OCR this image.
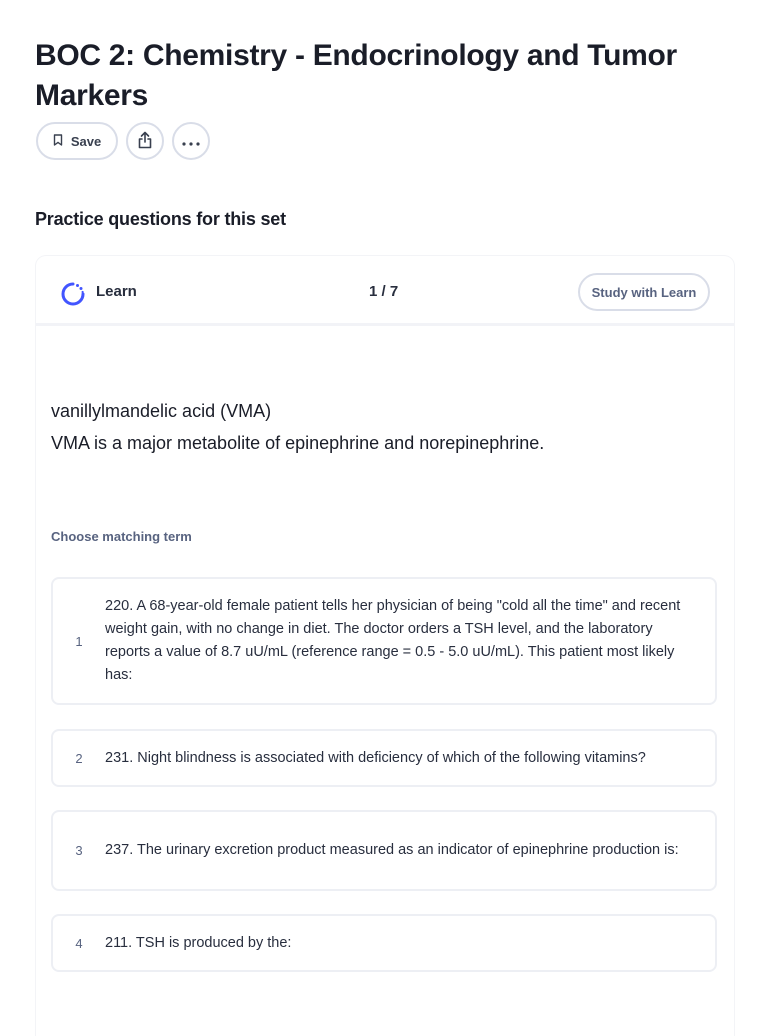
BOC 2: Chemistry - Endocrinology and Tumor Markers
Save
Practice questions for this set
Learn	1 / 7	Study with Learn
vanillylmandelic acid (VMA)
VMA is a major metabolite of epinephrine and norepinephrine.
Choose matching term
1
220. A 68-year-old female patient tells her physician of being "cold all the time" and recent weight gain, with no change in diet. The doctor orders a TSH level, and the laboratory reports a value of 8.7 uU/mL (reference range = 0.5 - 5.0 uU/mL). This patient most likely has:
2	231. Night blindness is associated with deficiency of which of the following vitamins?
3	237. The urinary excretion product measured as an indicator of epinephrine production is:
4	211. TSH is produced by the:
